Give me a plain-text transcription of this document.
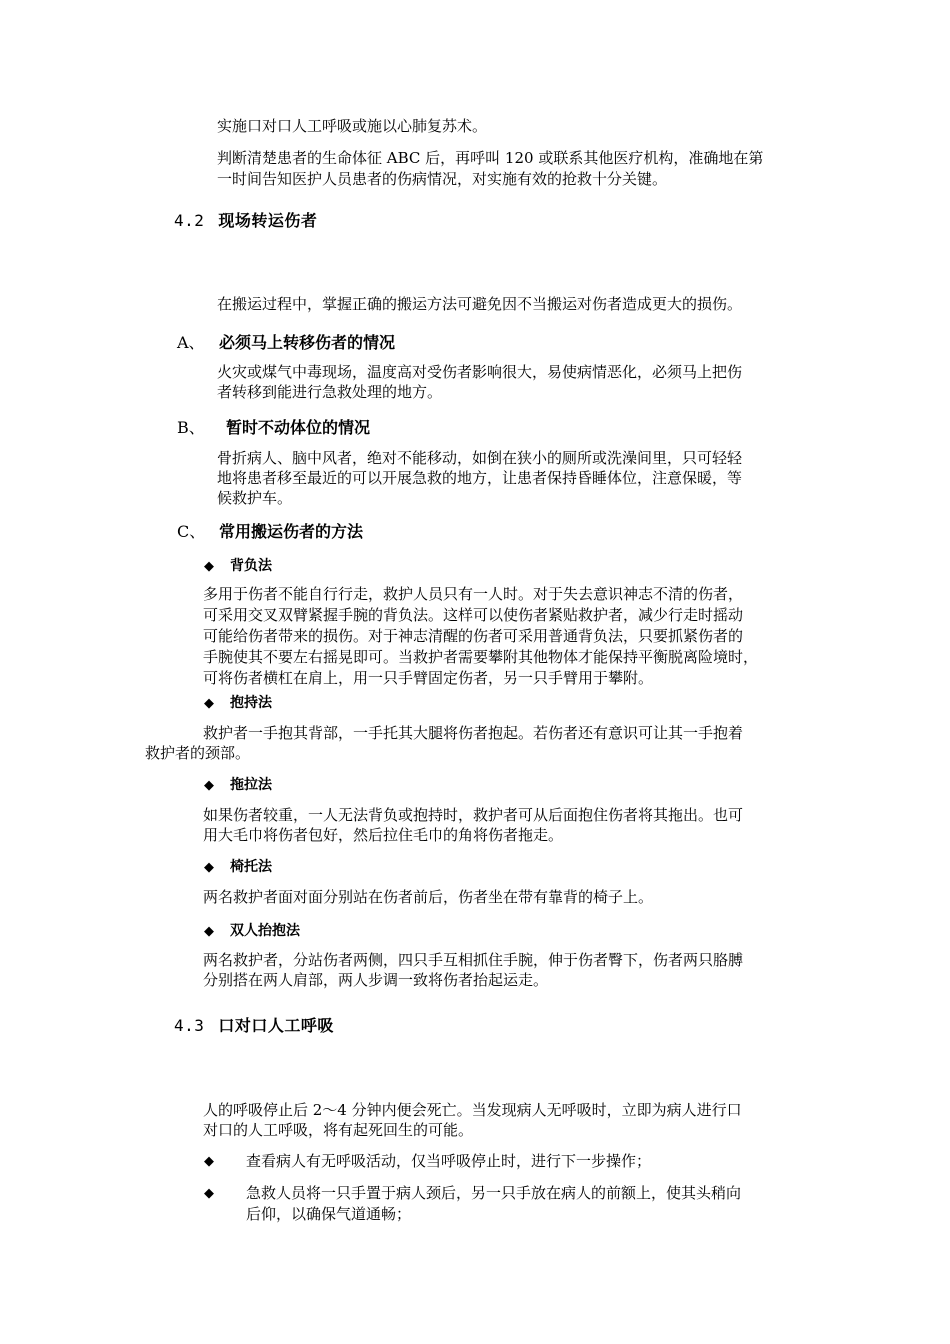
实施口对口人工呼吸或施以心肺复苏术。

判断清楚患者的生命体征 ABC 后，再呼叫 120 或联系其他医疗机构，准确地在第

一时间告知医护人员患者的伤病情况，对实施有效的抢救十分关键。

4.2 现场转运伤者

在搬运过程中，掌握正确的搬运方法可避免因不当搬运对伤者造成更大的损伤。

A、 必须马上转移伤者的情况

火灾或煤气中毒现场，温度高对受伤者影响很大，易使病情恶化，必须马上把伤

者转移到能进行急救处理的地方。

B、 暂时不动体位的情况

骨折病人、脑中风者，绝对不能移动，如倒在狭小的厕所或洗澡间里，只可轻轻

地将患者移至最近的可以开展急救的地方，让患者保持昏睡体位，注意保暖，等

候救护车。

C、 常用搬运伤者的方法
◆ 背负法

多用于伤者不能自行行走，救护人员只有一人时。对于失去意识神志不清的伤者，

可采用交叉双臂紧握手腕的背负法。这样可以使伤者紧贴救护者，减少行走时摇动

可能给伤者带来的损伤。对于神志清醒的伤者可采用普通背负法，只要抓紧伤者的

手腕使其不要左右摇晃即可。当救护者需要攀附其他物体才能保持平衡脱离险境时，

可将伤者横杠在肩上，用一只手臂固定伤者，另一只手臂用于攀附。

◆ 抱持法

救护者一手抱其背部，一手托其大腿将伤者抱起。若伤者还有意识可让其一手抱着

救护者的颈部。

◆ 拖拉法

如果伤者较重，一人无法背负或抱持时，救护者可从后面抱住伤者将其拖出。也可

用大毛巾将伤者包好，然后拉住毛巾的角将伤者拖走。

◆ 椅托法

两名救护者面对面分别站在伤者前后，伤者坐在带有靠背的椅子上。

◆ 双人抬抱法

两名救护者，分站伤者两侧，四只手互相抓住手腕，伸于伤者臀下，伤者两只胳膊

分别搭在两人肩部，两人步调一致将伤者抬起运走。

4.3 口对口人工呼吸

人的呼吸停止后 2～4 分钟内便会死亡。当发现病人无呼吸时，立即为病人进行口

对口的人工呼吸，将有起死回生的可能。

◆	查看病人有无呼吸活动，仅当呼吸停止时，进行下一步操作；
◆	急救人员将一只手置于病人颈后，另一只手放在病人的前额上，使其头稍向
后仰，以确保气道通畅；
